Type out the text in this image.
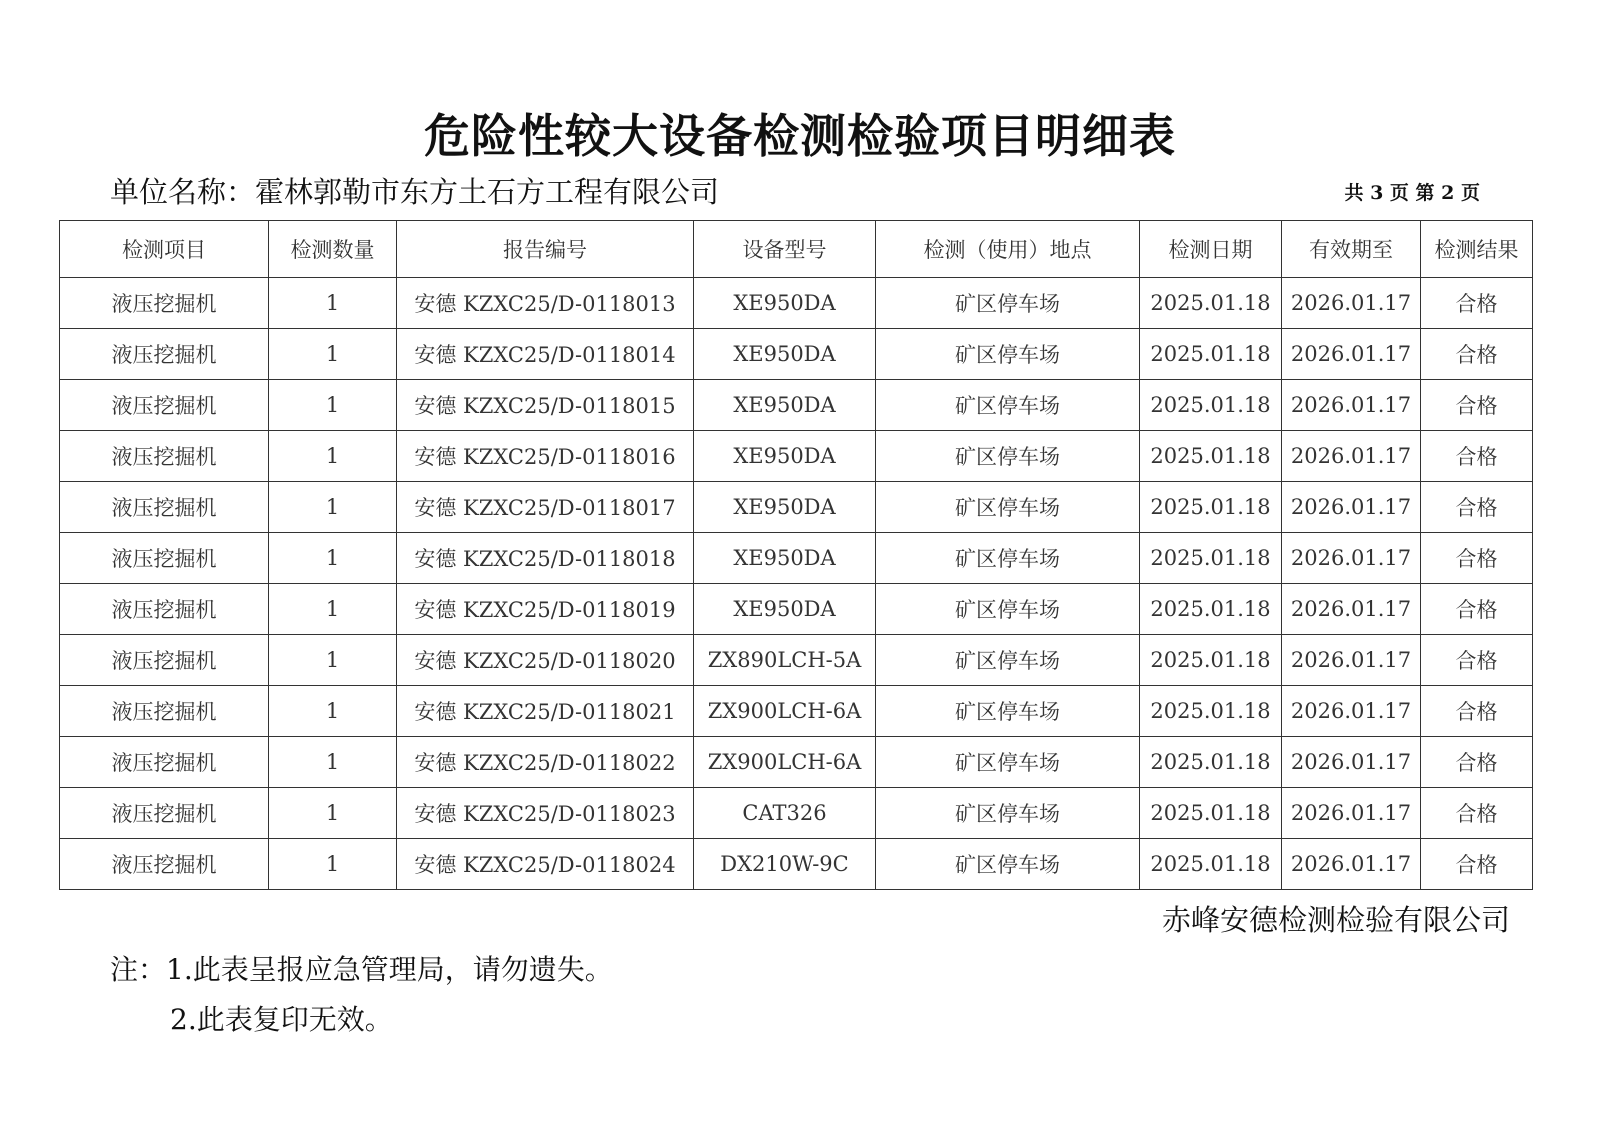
危险性较大设备检测检验项目明细表
单位名称：霍林郭勒市东方土石方工程有限公司	共 3 页 第 2 页
检测项目	检测数量	报告编号	设备型号	检测（使用）地点	检测日期	有效期至	检测结果
液压挖掘机	1	安德 KZXC25/D-0118013	XE950DA	矿区停车场	2025.01.18	2026.01.17	合格
液压挖掘机	1	安德 KZXC25/D-0118014	XE950DA	矿区停车场	2025.01.18	2026.01.17	合格
液压挖掘机	1	安德 KZXC25/D-0118015	XE950DA	矿区停车场	2025.01.18	2026.01.17	合格
液压挖掘机	1	安德 KZXC25/D-0118016	XE950DA	矿区停车场	2025.01.18	2026.01.17	合格
液压挖掘机	1	安德 KZXC25/D-0118017	XE950DA	矿区停车场	2025.01.18	2026.01.17	合格
液压挖掘机	1	安德 KZXC25/D-0118018	XE950DA	矿区停车场	2025.01.18	2026.01.17	合格
液压挖掘机	1	安德 KZXC25/D-0118019	XE950DA	矿区停车场	2025.01.18	2026.01.17	合格
液压挖掘机	1	安德 KZXC25/D-0118020	ZX890LCH-5A	矿区停车场	2025.01.18	2026.01.17	合格
液压挖掘机	1	安德 KZXC25/D-0118021	ZX900LCH-6A	矿区停车场	2025.01.18	2026.01.17	合格
液压挖掘机	1	安德 KZXC25/D-0118022	ZX900LCH-6A	矿区停车场	2025.01.18	2026.01.17	合格
液压挖掘机	1	安德 KZXC25/D-0118023	CAT326	矿区停车场	2025.01.18	2026.01.17	合格
液压挖掘机	1	安德 KZXC25/D-0118024	DX210W-9C	矿区停车场	2025.01.18	2026.01.17	合格
赤峰安德检测检验有限公司
注：1.此表呈报应急管理局，请勿遗失。
2.此表复印无效。
